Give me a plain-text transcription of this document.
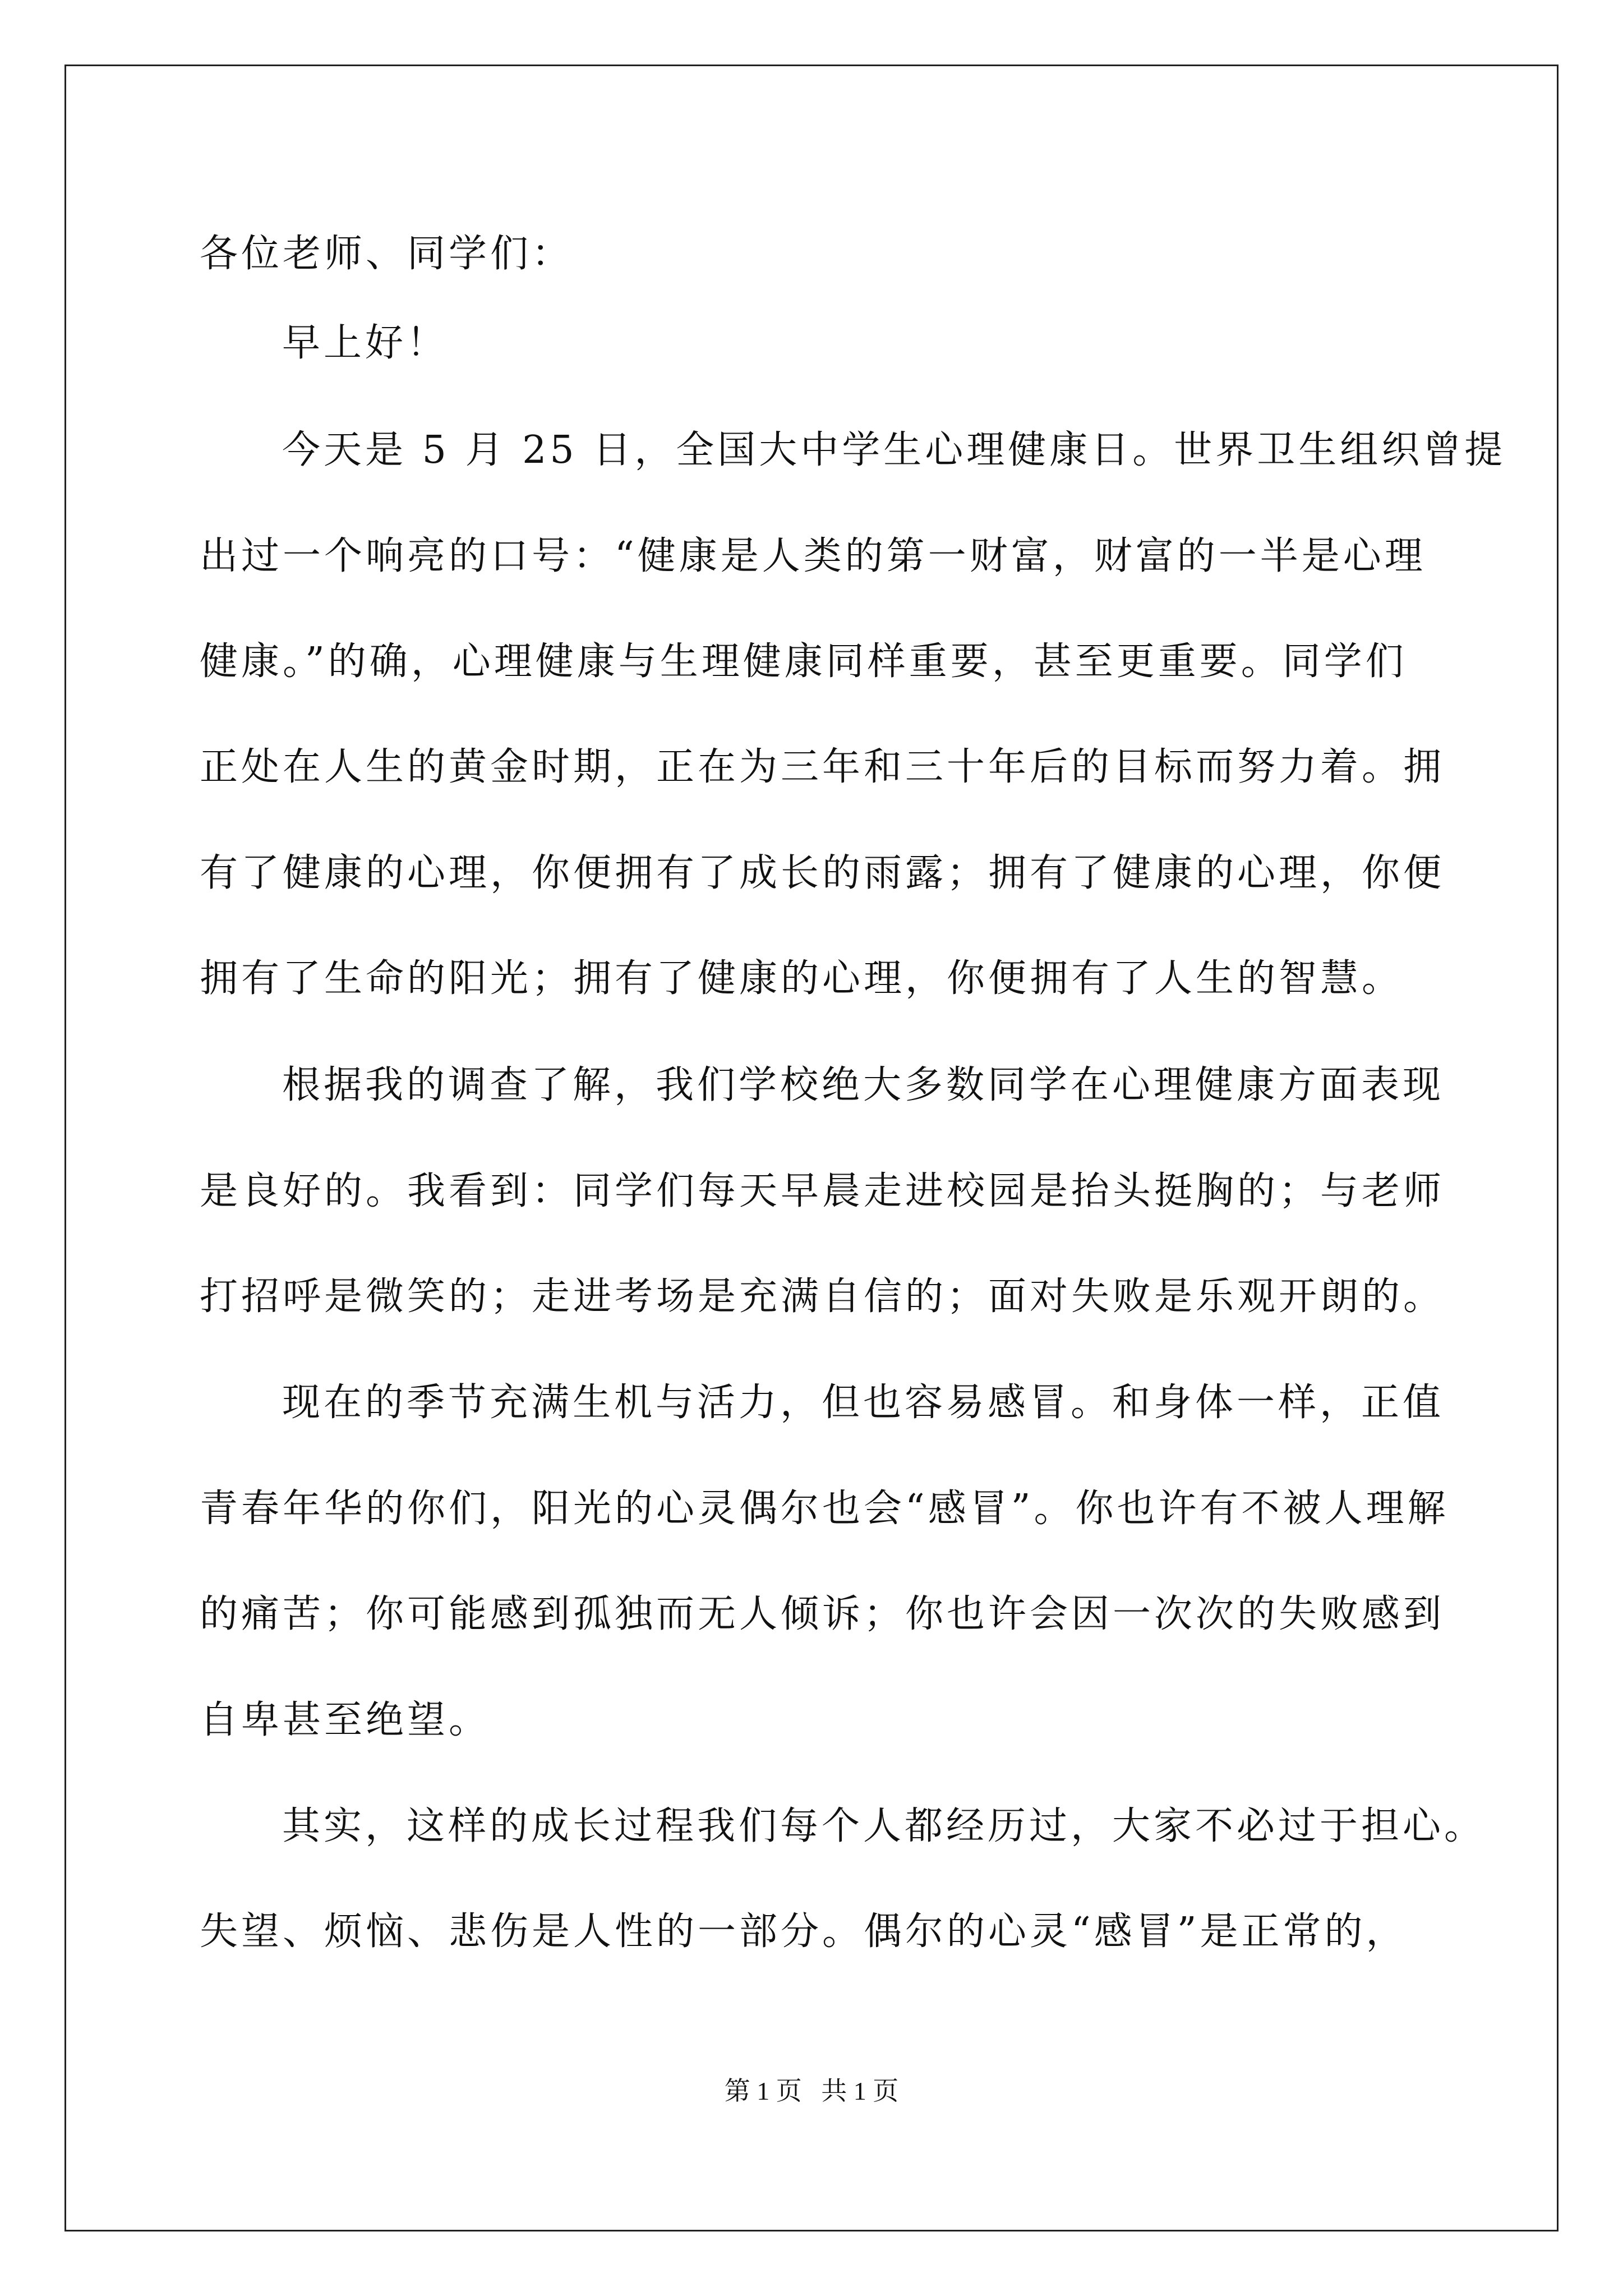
各位老师、同学们：
早上好！
今天是 5 月 25 日，全国大中学生心理健康日。世界卫生组织曾提
出过一个响亮的口号：“健康是人类的第一财富，财富的一半是心理
健康。”的确，心理健康与生理健康同样重要，甚至更重要。同学们
正处在人生的黄金时期，正在为三年和三十年后的目标而努力着。拥
有了健康的心理，你便拥有了成长的雨露；拥有了健康的心理，你便
拥有了生命的阳光；拥有了健康的心理，你便拥有了人生的智慧。
根据我的调查了解，我们学校绝大多数同学在心理健康方面表现
是良好的。我看到：同学们每天早晨走进校园是抬头挺胸的；与老师
打招呼是微笑的；走进考场是充满自信的；面对失败是乐观开朗的。
现在的季节充满生机与活力，但也容易感冒。和身体一样，正值
青春年华的你们，阳光的心灵偶尔也会“感冒”。你也许有不被人理解
的痛苦；你可能感到孤独而无人倾诉；你也许会因一次次的失败感到
自卑甚至绝望。
其实，这样的成长过程我们每个人都经历过，大家不必过于担心。
失望、烦恼、悲伤是人性的一部分。偶尔的心灵“感冒”是正常的，
第 1 页   共 1 页
